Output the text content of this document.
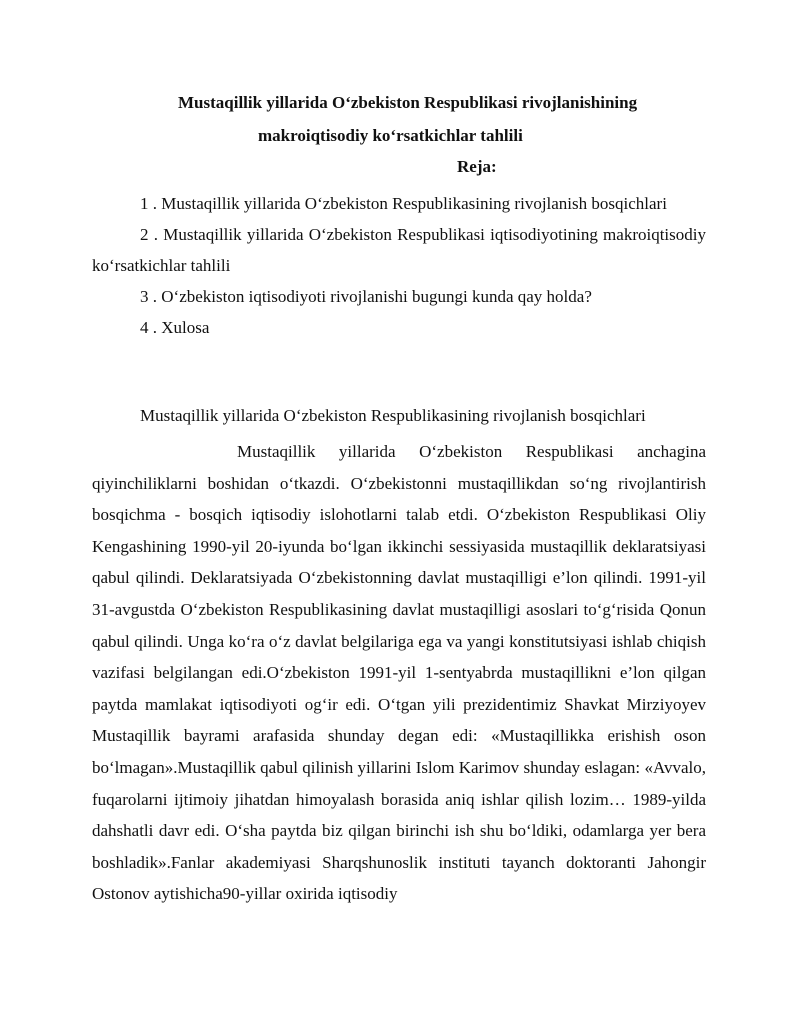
Mustaqillik yillarida O‘zbekiston Respublikasi rivojlanishining
makroiqtisodiy ko‘rsatkichlar tahlili
Reja:
1 . Mustaqillik yillarida O‘zbekiston Respublikasining rivojlanish bosqichlari
2 . Mustaqillik yillarida O‘zbekiston Respublikasi iqtisodiyotining makroiqtisodiy ko‘rsatkichlar tahlili
3 . O‘zbekiston iqtisodiyoti rivojlanishi bugungi kunda qay holda?
4 . Xulosa
Mustaqillik yillarida O‘zbekiston Respublikasining rivojlanish bosqichlari

Mustaqillik yillarida O‘zbekiston Respublikasi anchagina qiyinchiliklarni boshidan o‘tkazdi. O‘zbekistonni mustaqillikdan so‘ng rivojlantirish bosqichma - bosqich iqtisodiy islohotlarni talab etdi. O‘zbekiston Respublikasi Oliy Kengashining 1990-yil 20-iyunda bo‘lgan ikkinchi sessiyasida mustaqillik deklaratsiyasi qabul qilindi. Deklaratsiyada O‘zbekistonning davlat mustaqilligi e’lon qilindi. 1991-yil 31-avgustda O‘zbekiston Respublikasining davlat mustaqilligi asoslari to‘g‘risida Qonun qabul qilindi. Unga ko‘ra o‘z davlat belgilariga ega va yangi konstitutsiyasi ishlab chiqish vazifasi belgilangan edi.O‘zbekiston 1991-yil 1-sentyabrda mustaqillikni e’lon qilgan paytda mamlakat iqtisodiyoti og‘ir edi. O‘tgan yili prezidentimiz Shavkat Mirziyoyev Mustaqillik bayrami arafasida shunday degan edi: «Mustaqillikka erishish oson bo‘lmagan».Mustaqillik qabul qilinish yillarini Islom Karimov shunday eslagan: «Avvalo, fuqarolarni ijtimoiy jihatdan himoyalash borasida aniq ishlar qilish lozim… 1989-yilda dahshatli davr edi. O‘sha paytda biz qilgan birinchi ish shu bo‘ldiki, odamlarga yer bera boshladik».Fanlar akademiyasi Sharqshunoslik instituti tayanch doktoranti Jahongir Ostonov aytishicha90-yillar oxirida iqtisodiy
